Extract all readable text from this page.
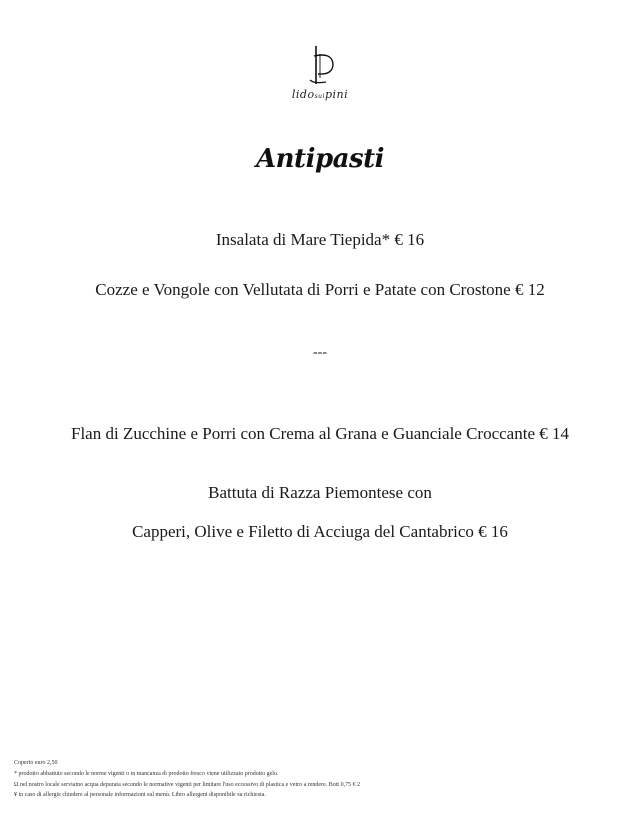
lidosuipini
Antipasti
Insalata di Mare Tiepida* € 16
Cozze e Vongole con Vellutata di Porri e Patate con Crostone € 12
---
Flan di Zucchine e Porri con Crema al Grana e Guanciale Croccante € 14
Battuta di Razza Piemontese con
Capperi, Olive e Filetto di Acciuga del Cantabrico € 16
Coperto euro 2,50
* prodotto abbattuto secondo le norme vigenti o in mancanza di prodotto fresco viene utilizzato prodotto gelo.
Ω nel nostro locale serviamo acqua depurata secondo le normative vigenti per limitare l'uso eccessivo di plastica e vetro a rendere. Bott 0,75 € 2
¥ in caso di allergie chiedere al personale informazioni sul menù. Libro allergeni disponibile su richiesta.
